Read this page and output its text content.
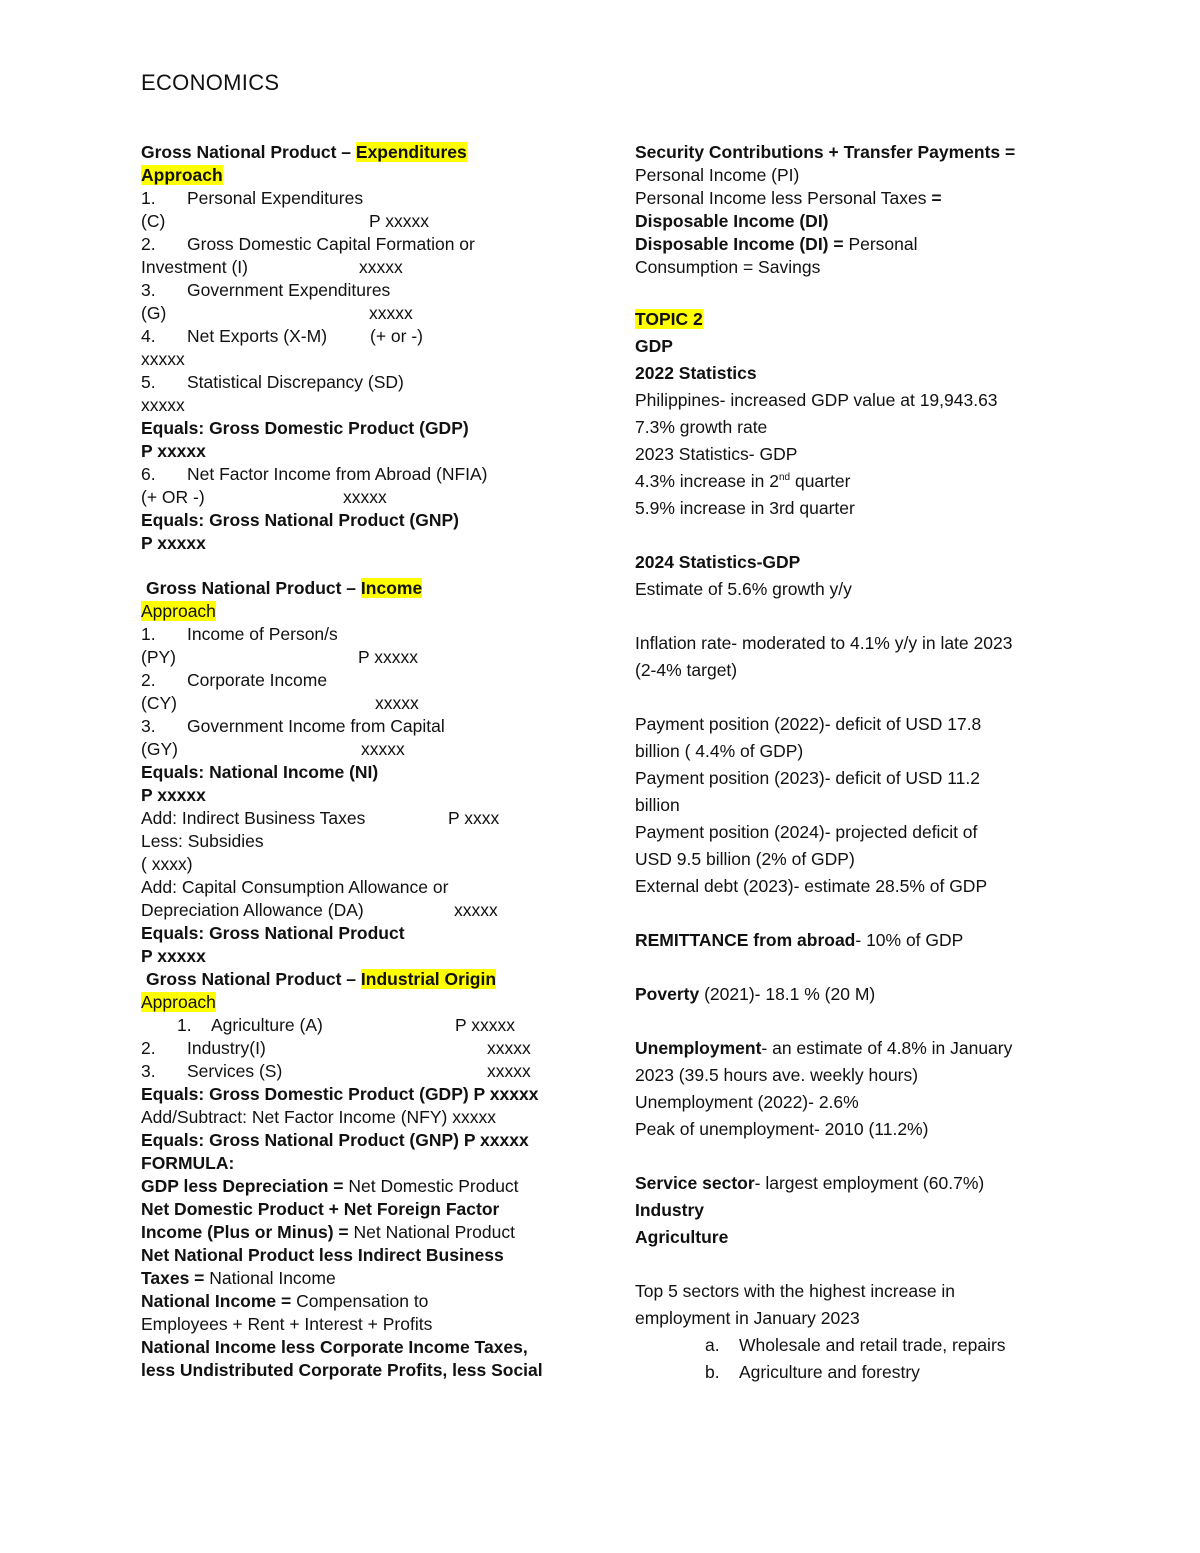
ECONOMICS
Gross National Product – Expenditures
Approach
1. Personal Expenditures
(C)	P xxxxx
2. Gross Domestic Capital Formation or
Investment (I)	xxxxx
3. Government Expenditures
(G)	xxxxx
4. Net Exports (X-M) (+ or -)
xxxxx
5. Statistical Discrepancy (SD)
xxxxx
Equals: Gross Domestic Product (GDP)
P xxxxx
6. Net Factor Income from Abroad (NFIA)
(+ OR -)	xxxxx
Equals: Gross National Product (GNP)
P xxxxx
Gross National Product – Income
Approach
1. Income of Person/s
(PY)	P xxxxx
2. Corporate Income
(CY)	xxxxx
3. Government Income from Capital
(GY)	xxxxx
Equals: National Income (NI)
P xxxxx
Add: Indirect Business Taxes	P xxxx
Less: Subsidies
( xxxx)
Add: Capital Consumption Allowance or
Depreciation Allowance (DA)	xxxxx
Equals: Gross National Product
P xxxxx
Gross National Product – Industrial Origin
Approach
1. Agriculture (A)	P xxxxx
2. Industry(I)	xxxxx
3. Services (S)	xxxxx
Equals: Gross Domestic Product (GDP) P xxxxx
Add/Subtract: Net Factor Income (NFY) xxxxx
Equals: Gross National Product (GNP) P xxxxx
FORMULA:
GDP less Depreciation = Net Domestic Product
Net Domestic Product + Net Foreign Factor
Income (Plus or Minus) = Net National Product
Net National Product less Indirect Business
Taxes = National Income
National Income = Compensation to
Employees + Rent + Interest + Profits
National Income less Corporate Income Taxes,
less Undistributed Corporate Profits, less Social
Security Contributions + Transfer Payments =
Personal Income (PI)
Personal Income less Personal Taxes =
Disposable Income (DI)
Disposable Income (DI) = Personal
Consumption = Savings
TOPIC 2
GDP
2022 Statistics
Philippines- increased GDP value at 19,943.63
7.3% growth rate
2023 Statistics- GDP
4.3% increase in 2nd quarter
5.9% increase in 3rd quarter
2024 Statistics-GDP
Estimate of 5.6% growth y/y
Inflation rate- moderated to 4.1% y/y in late 2023
(2-4% target)
Payment position (2022)- deficit of USD 17.8
billion ( 4.4% of GDP)
Payment position (2023)- deficit of USD 11.2
billion
Payment position (2024)- projected deficit of
USD 9.5 billion (2% of GDP)
External debt (2023)- estimate 28.5% of GDP
REMITTANCE from abroad- 10% of GDP
Poverty (2021)- 18.1 % (20 M)
Unemployment- an estimate of 4.8% in January
2023 (39.5 hours ave. weekly hours)
Unemployment (2022)- 2.6%
Peak of unemployment- 2010 (11.2%)
Service sector- largest employment (60.7%)
Industry
Agriculture
Top 5 sectors with the highest increase in
employment in January 2023
a. Wholesale and retail trade, repairs
b. Agriculture and forestry
